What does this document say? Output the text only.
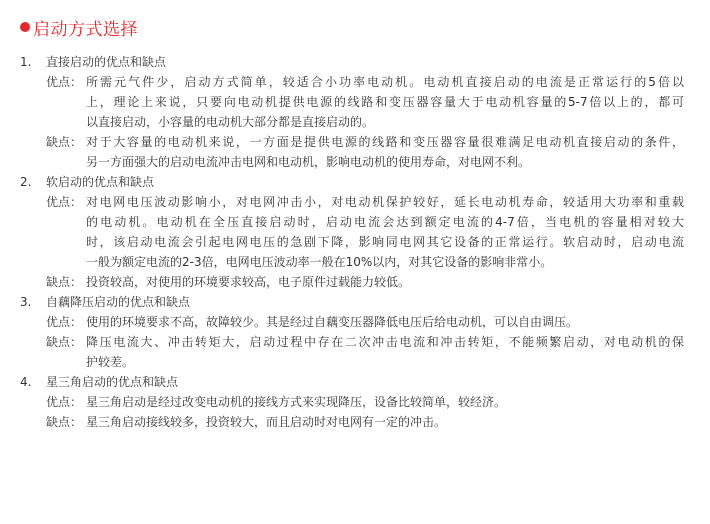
启动方式选择
1. 直接启动的优点和缺点
优点： 所需元气件少，启动方式简单，较适合小功率电动机。电动机直接启动的电流是正常运行的5倍以
上，理论上来说，只要向电动机提供电源的线路和变压器容量大于电动机容量的5-7倍以上的，都可
以直接启动，小容量的电动机大部分都是直接启动的。
缺点： 对于大容量的电动机来说，一方面是提供电源的线路和变压器容量很难满足电动机直接启动的条件，
另一方面强大的启动电流冲击电网和电动机，影响电动机的使用寿命，对电网不利。
2. 软启动的优点和缺点
优点： 对电网电压波动影响小，对电网冲击小，对电动机保护较好，延长电动机寿命，较适用大功率和重载
的电动机。电动机在全压直接启动时，启动电流会达到额定电流的4-7倍，当电机的容量相对较大
时，该启动电流会引起电网电压的急剧下降，影响同电网其它设备的正常运行。软启动时，启动电流
一般为额定电流的2-3倍，电网电压波动率一般在10%以内，对其它设备的影响非常小。
缺点： 投资较高，对使用的环境要求较高，电子原件过载能力较低。
3. 自藕降压启动的优点和缺点
优点： 使用的环境要求不高，故障较少。其是经过自藕变压器降低电压后给电动机，可以自由调压。
缺点： 降压电流大、冲击转矩大，启动过程中存在二次冲击电流和冲击转矩，不能频繁启动，对电动机的保
护较差。
4. 星三角启动的优点和缺点
优点： 星三角启动是经过改变电动机的接线方式来实现降压，设备比较简单，较经济。
缺点： 星三角启动接线较多，投资较大，而且启动时对电网有一定的冲击。
